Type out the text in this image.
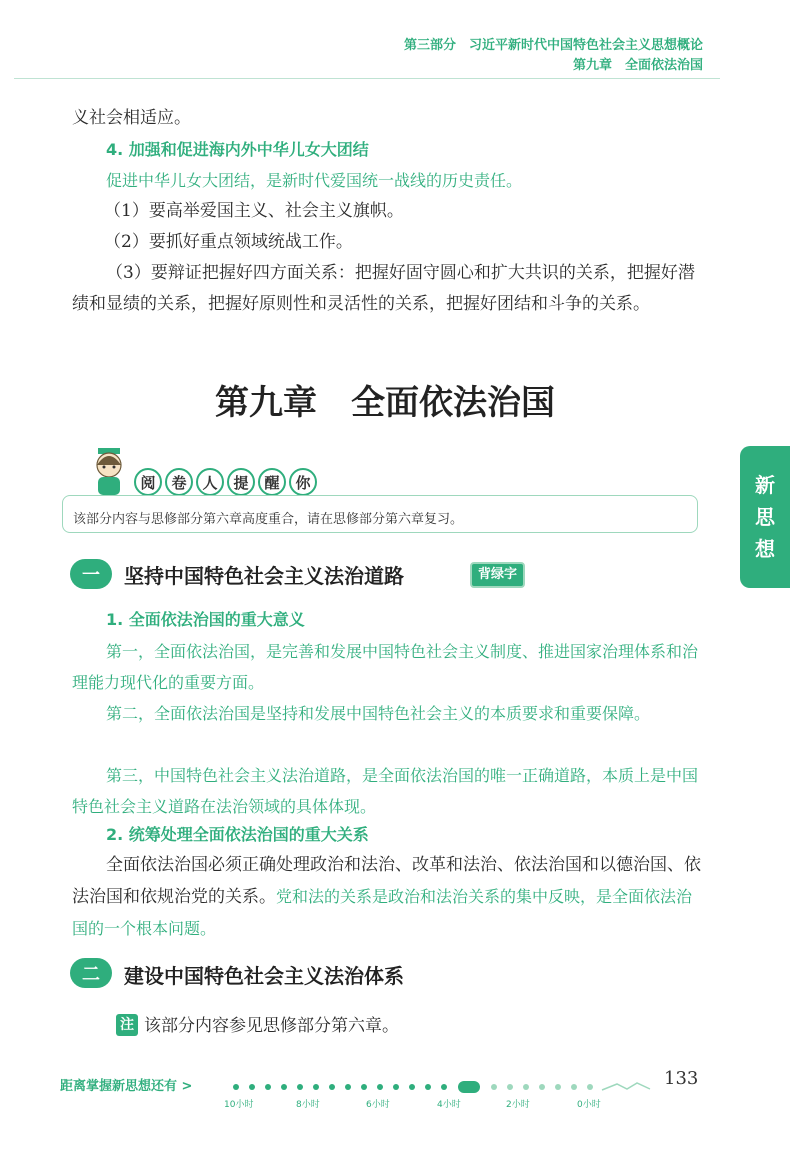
第三部分　习近平新时代中国特色社会主义思想概论
第九章　全面依法治国
义社会相适应。
4. 加强和促进海内外中华儿女大团结
促进中华儿女大团结，是新时代爱国统一战线的历史责任。
（1）要高举爱国主义、社会主义旗帜。
（2）要抓好重点领域统战工作。
（3）要辩证把握好四方面关系：把握好固守圆心和扩大共识的关系，把握好潜绩和显绩的关系，把握好原则性和灵活性的关系，把握好团结和斗争的关系。
第九章　全面依法治国
新
思
想
阅	卷	人	提	醒	你
该部分内容与思修部分第六章高度重合，请在思修部分第六章复习。
一	坚持中国特色社会主义法治道路	背绿字
1. 全面依法治国的重大意义
第一，全面依法治国，是完善和发展中国特色社会主义制度、推进国家治理体系和治理能力现代化的重要方面。
第二，全面依法治国是坚持和发展中国特色社会主义的本质要求和重要保障。
第三，中国特色社会主义法治道路，是全面依法治国的唯一正确道路，本质上是中国特色社会主义道路在法治领域的具体体现。
2. 统筹处理全面依法治国的重大关系
全面依法治国必须正确处理政治和法治、改革和法治、依法治国和以德治国、依法治国和依规治党的关系。党和法的关系是政治和法治关系的集中反映，是全面依法治国的一个根本问题。
二	建设中国特色社会主义法治体系
注 该部分内容参见思修部分第六章。
距离掌握新思想还有 >
10小时	8小时	6小时	4小时	2小时	0小时
133
